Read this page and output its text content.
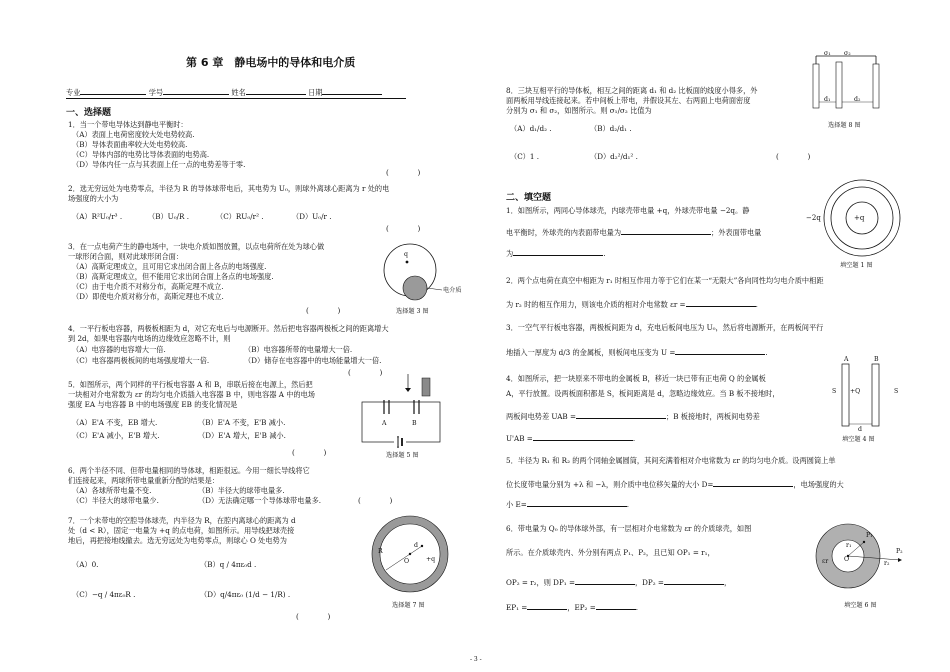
第 6 章　静电场中的导体和电介质
专业	学号	姓名	日期
一、选择题
1．当一个带电导体达到静电平衡时：
（A）表面上电荷密度较大处电势较高.
（B）导体表面曲率较大处电势较高.
（C）导体内部的电势比导体表面的电势高.
（D）导体内任一点与其表面上任一点的电势差等于零.
(　　　　)
2．选无穷远处为电势零点，半径为 R 的导体球带电后，其电势为 U₀，则球外离球心距离为 r 处的电
场强度的大小为
（A）R²U₀/r³ .	（B）U₀/R .	（C）RU₀/r² .	（D）U₀/r .
(　　　　)
3．在一点电荷产生的静电场中，一块电介质如图放置，以点电荷所在处为球心做
一球形闭合面，则对此球形闭合面：
（A）高斯定理成立，且可用它求出闭合面上各点的电场强度.
（B）高斯定理成立，但不能用它求出闭合面上各点的电场强度.
（C）由于电介质不对称分布，高斯定理不成立.
（D）即使电介质对称分布，高斯定理也不成立.
(　　　　)
q
电介质
选择题 3 图
4．一平行板电容器，两极板相距为 d，对它充电后与电源断开。然后把电容器两极板之间的距离增大
到 2d，如果电容器内电场的边缘效应忽略不计，则
（A）电容器的电容增大一倍.	（B）电容器所带的电量增大一倍.
（C）电容器两极板间的电场强度增大一倍.	（D）储存在电容器中的电场能量增大一倍.
(　　　　)
5．如图所示，两个同样的平行板电容器 A 和 B，串联后接在电源上，然后把
一块相对介电常数为 εr 的均匀电介质插入电容器 B 中，则电容器 A 中的电场
强度 EA 与电容器 B 中的电场强度 EB 的变化情况是
（A）E'A 不变，EB 增大.	（B）E'A 不变，E'B 减小.
（C）E'A 减小，E'B 增大.	（D）E'A 增大，E'B 减小.
(　　　　)
A	B
选择题 5 图
6．两个半径不同、但带电量相同的导体球，相距很远。今用一细长导线将它
们连接起来，两球所带电量重新分配的结果是：
（A）各球所带电量不变.	（B）半径大的球带电量多.
（C）半径大的球带电量少.	（D）无法确定哪一个导体球带电量多.	(　　　　)
7．一个未带电的空腔导体球壳，内半径为 R，在腔内离球心的距离为 d
处（d < R），固定一电量为 +q 的点电荷，如图所示。用导线把球壳接
地后，再把接地线撤去。选无穷远处为电势零点，则球心 O 处电势为
（A）0.	（B）q / 4πε₀d .
（C）−q / 4πε₀R .	（D）q/4πε₀ (1/d − 1/R) .
(　　　　)
R
d
O	+q
选择题 7 图
8．三块互相平行的导体板，相互之间的距离 d₁ 和 d₂ 比板面的线度小得多，外
面两板用导线连接起来。若中间板上带电，并假设其左、右两面上电荷面密度
分别为 σ₁ 和 σ₂，如图所示。则 σ₁/σ₂ 比值为
（A）d₁/d₂ .	（B）d₂/d₁ .
（C）1 .	（D）d₂²/d₁² .	(　　　　)
σ₁ σ₂
d₁	d₂
选择题 8 图
二、填空题
1．如图所示，两同心导体球壳，内球壳带电量 +q，外球壳带电量 −2q。静
电平衡时，外球壳的内表面带电量为	；外表面带电量
为	.
−2q	+q
填空题 1 图
2．两个点电荷在真空中相距为 r₁ 时相互作用力等于它们在某一“无限大”各向同性均匀电介质中相距
为 r₂ 时的相互作用力，则该电介质的相对介电常数 εr =	.
3．一空气平行板电容器，两极板间距为 d，充电后板间电压为 U₀，然后将电源断开，在两板间平行
地插入一厚度为 d/3 的金属板，则板间电压变为 U =	.
4．如图所示，把一块原来不带电的金属板 B，移近一块已带有正电荷 Q 的金属板
A，平行放置。设两板面积都是 S，板间距离是 d，忽略边缘效应。当 B 板不接地时，
两板间电势差 UAB =	；B 板接地时，两板间电势差
U'AB =	.
A	B
S +Q	S
d
填空题 4 图
5．半径为 R₁ 和 R₂ 的两个同轴金属圆筒，其间充满着相对介电常数为 εr 的均匀电介质。设两圆筒上单
位长度带电量分别为 +λ 和 −λ，则介质中电位移矢量的大小 D=	，电场强度的大
小 E=	.
6．带电量为 Q₀ 的导体球外部，有一层相对介电常数为 εr 的介质球壳，如图
所示。在介质球壳内、外分别有两点 P₁、P₂，且已知 OP₁ = r₁，
OP₂ = r₂，则 DP₁ =	，DP₂ =	，
EP₁ =	，EP₂ =	.
P₁
P₂
r₁
r₂
O
εr
填空题 6 图
- 3 -
